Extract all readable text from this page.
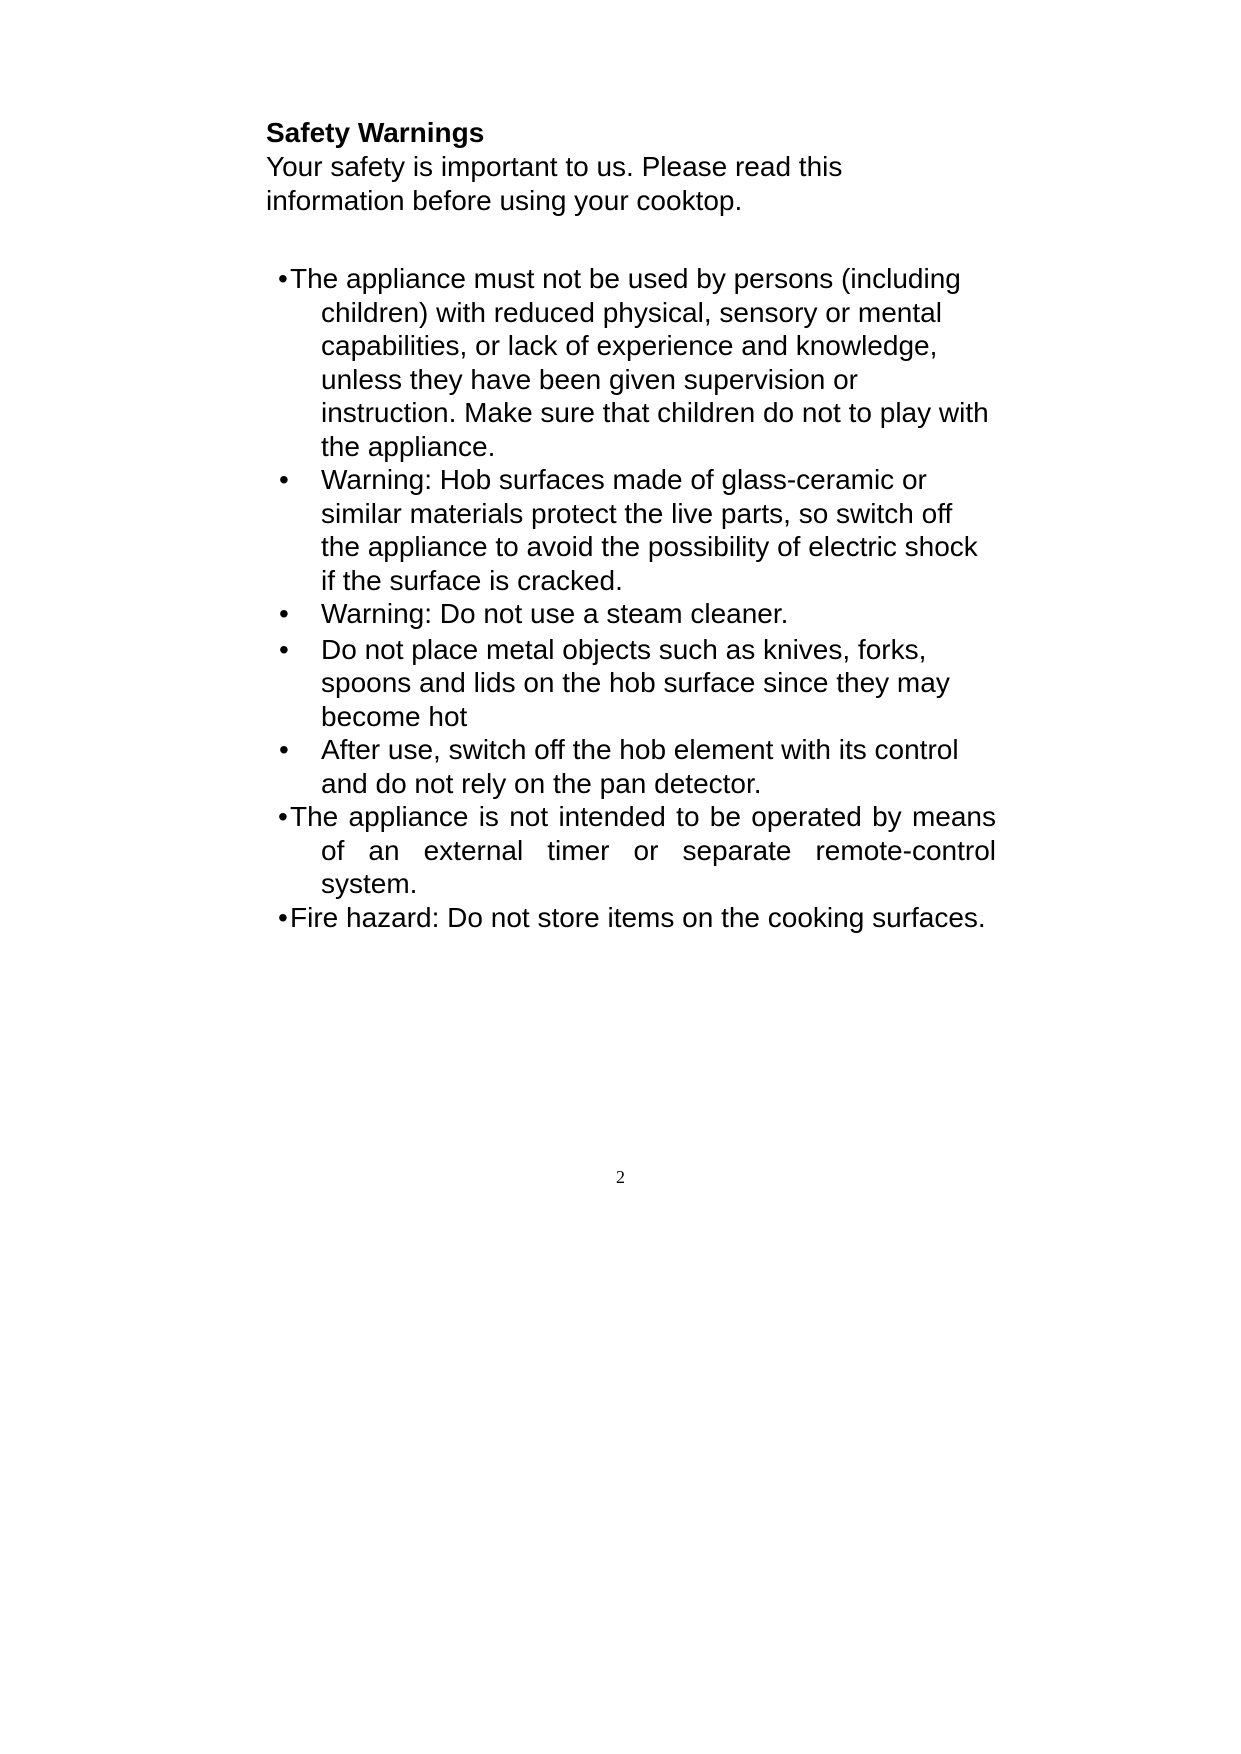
Safety Warnings

Your safety is important to us. Please read this information before using your cooktop.

•The appliance must not be used by persons (including children) with reduced physical, sensory or mental capabilities, or lack of experience and knowledge, unless they have been given supervision or instruction. Make sure that children do not to play with the appliance.
• Warning: Hob surfaces made of glass-ceramic or similar materials protect the live parts, so switch off the appliance to avoid the possibility of electric shock if the surface is cracked.
• Warning: Do not use a steam cleaner.
• Do not place metal objects such as knives, forks, spoons and lids on the hob surface since they may become hot
• After use, switch off the hob element with its control and do not rely on the pan detector.
•The appliance is not intended to be operated by means of an external timer or separate remote-control system.
•Fire hazard: Do not store items on the cooking surfaces.
2
